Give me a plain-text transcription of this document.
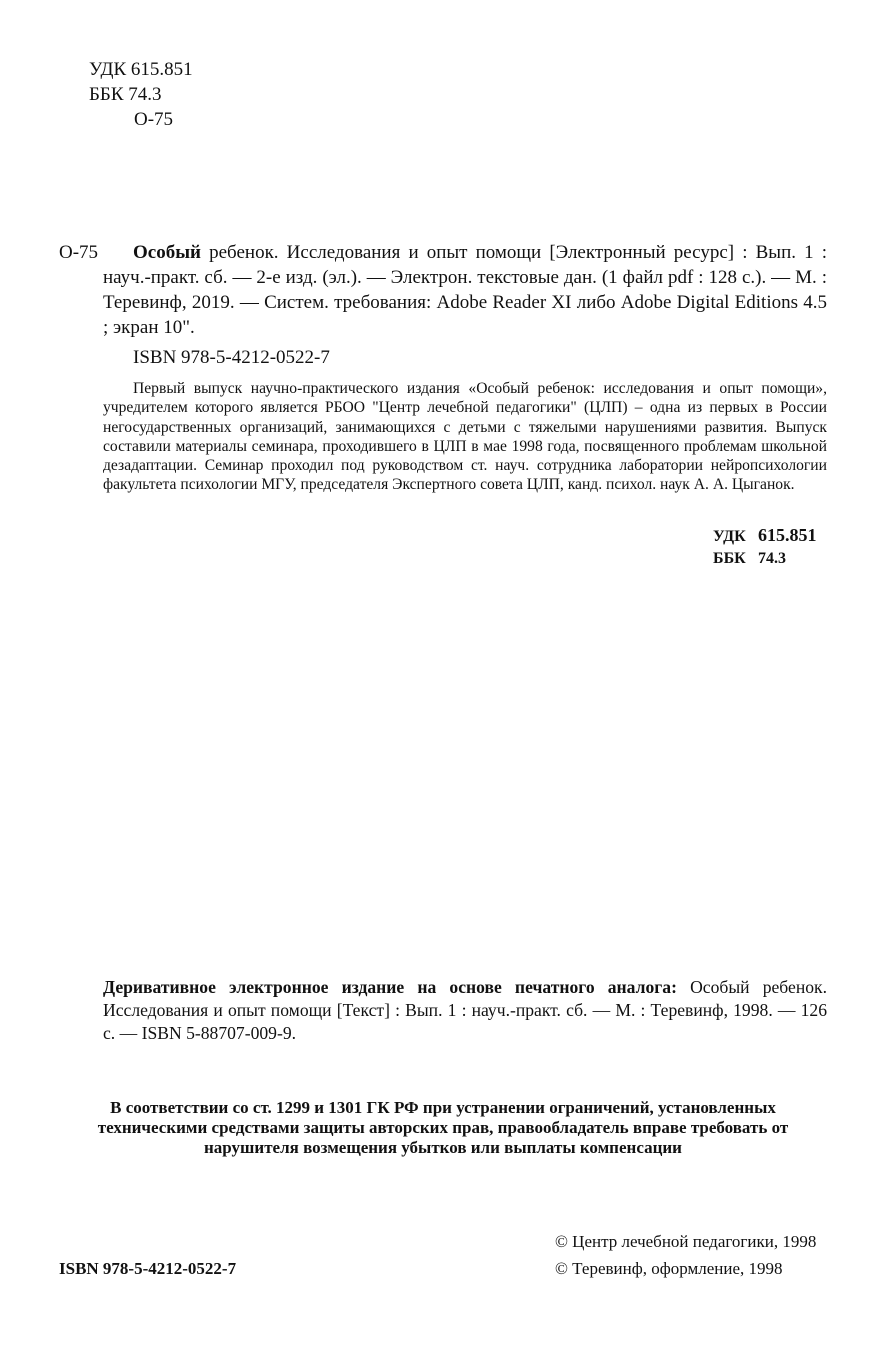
УДК 615.851
ББК 74.3
О-75

О-75 Особый ребенок. Исследования и опыт помощи [Электронный ресурс] : Вып. 1 : науч.-практ. сб. — 2-е изд. (эл.). — Электрон. текстовые дан. (1 файл pdf : 128 с.). — М. : Теревинф, 2019. — Систем. требования: Adobe Reader XI либо Adobe Digital Editions 4.5 ; экран 10".

ISBN 978-5-4212-0522-7

Первый выпуск научно-практического издания «Особый ребенок: исследования и опыт помощи», учредителем которого является РБОО "Центр лечебной педагогики" (ЦЛП) – одна из первых в России негосударственных организаций, занимающихся с детьми с тяжелыми нарушениями развития. Выпуск составили материалы семинара, проходившего в ЦЛП в мае 1998 года, посвященного проблемам школьной дезадаптации. Семинар проходил под руководством ст. науч. сотрудника лаборатории нейропсихологии факультета психологии МГУ, председателя Экспертного совета ЦЛП, канд. психол. наук А. А. Цыганок.

УДК 615.851
ББК 74.3

Деривативное электронное издание на основе печатного аналога: Особый ребенок. Исследования и опыт помощи [Текст] : Вып. 1 : науч.-практ. сб. — М. : Теревинф, 1998. — 126 с. — ISBN 5-88707-009-9.

В соответствии со ст. 1299 и 1301 ГК РФ при устранении ограничений, установленных техническими средствами защиты авторских прав, правообладатель вправе требовать от нарушителя возмещения убытков или выплаты компенсации
© Центр лечебной педагогики, 1998
© Теревинф, оформление, 1998
ISBN 978-5-4212-0522-7
